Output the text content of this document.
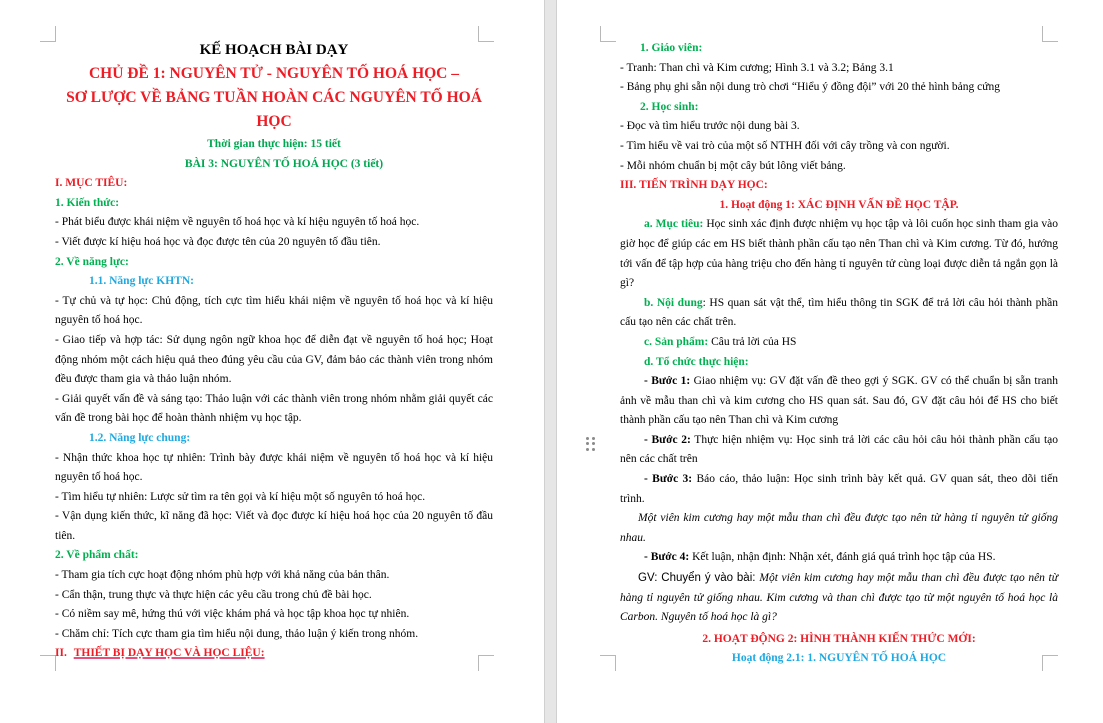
KẾ HOẠCH BÀI DẠY
CHỦ ĐỀ 1: NGUYÊN TỬ - NGUYÊN TỐ HOÁ HỌC –
SƠ LƯỢC VỀ BẢNG TUẦN HOÀN CÁC NGUYÊN TỐ HOÁ HỌC
Thời gian thực hiện: 15 tiết
BÀI 3: NGUYÊN TỐ HOÁ HỌC (3 tiết)
I. MỤC TIÊU:
1. Kiến thức:

- Phát biểu được khái niệm về nguyên tố hoá học và kí hiệu nguyên tố hoá học.

- Viết được kí hiệu hoá học và đọc được tên của 20 nguyên tố đầu tiên.

2. Về năng lực:
1.1. Năng lực KHTN:

- Tự chủ và tự học: Chủ động, tích cực tìm hiểu khái niệm về nguyên tố hoá học và kí hiệu nguyên tố hoá học.

- Giao tiếp và hợp tác: Sử dụng ngôn ngữ khoa học để diễn đạt về nguyên tố hoá học; Hoạt động nhóm một cách hiệu quả theo đúng yêu cầu của GV, đảm bảo các thành viên trong nhóm đều được tham gia và thảo luận nhóm.

- Giải quyết vấn đề và sáng tạo: Thảo luận với các thành viên trong nhóm nhằm giải quyết các vấn đề trong bài học để hoàn thành nhiệm vụ học tập.

1.2. Năng lực chung:

- Nhận thức khoa học tự nhiên: Trình bày được khái niệm về nguyên tố hoá học và kí hiệu nguyên tố hoá học.

- Tìm hiểu tự nhiên: Lược sử tìm ra tên gọi và kí hiệu một số nguyên tó hoá học.

- Vận dụng kiến thức, kĩ năng đã học: Viết và đọc được kí hiệu hoá học của 20 nguyên tố đầu tiên.

2. Về phẩm chất:

- Tham gia tích cực hoạt động nhóm phù hợp với khả năng của bản thân.

- Cẩn thận, trung thực và thực hiện các yêu cầu trong chủ đề bài học.

- Có niềm say mê, hứng thú với việc khám phá và học tập khoa học tự nhiên.

- Chăm chỉ: Tích cực tham gia tìm hiểu nội dung, thảo luận ý kiến trong nhóm.

II. THIẾT BỊ DẠY HỌC VÀ HỌC LIỆU:
1. Giáo viên:

- Tranh: Than chì và Kim cương; Hình 3.1 và 3.2; Bảng 3.1

- Bảng phụ ghi sẵn nội dung trò chơi “Hiểu ý đồng đội” với 20 thẻ hình bảng cứng

2. Học sinh:

- Đọc và tìm hiểu trước nội dung bài 3.

- Tìm hiểu về vai trò của một số NTHH đối với cây trồng và con người.

- Mỗi nhóm chuẩn bị một cây bút lông viết bảng.

III. TIẾN TRÌNH DẠY HỌC:
1. Hoạt động 1: XÁC ĐỊNH VẤN ĐỀ HỌC TẬP.

a. Mục tiêu: Học sinh xác định được nhiệm vụ học tập và lôi cuốn học sinh tham gia vào giờ học để giúp các em HS biết thành phần cấu tạo nên Than chì và Kim cương. Từ đó, hướng tới vấn để tập hợp của hàng triệu cho đến hàng tỉ nguyên tử cùng loại được diễn tả ngắn gọn là gì?

b. Nội dung: HS quan sát vật thể, tìm hiểu thông tin SGK để trả lời câu hỏi thành phần cấu tạo nên các chất trên.

c. Sản phẩm: Câu trả lời của HS

d. Tổ chức thực hiện:

- Bước 1: Giao nhiệm vụ: GV đặt vấn đề theo gợi ý SGK. GV có thể chuẩn bị sẵn tranh ảnh về mẫu than chì và kim cương cho HS quan sát. Sau đó, GV đặt câu hỏi để HS cho biết thành phần cấu tạo nên Than chì và Kim cương

- Bước 2: Thực hiện nhiệm vụ: Học sinh trả lời các câu hỏi câu hỏi thành phần cấu tạo nên các chất trên

- Bước 3: Báo cáo, thảo luận: Học sinh trình bày kết quả. GV quan sát, theo dõi tiến trình.

Một viên kim cương hay một mẫu than chì đều được tạo nên từ hàng tỉ nguyên tử giống nhau.

- Bước 4: Kết luận, nhận định: Nhận xét, đánh giá quá trình học tập của HS.

GV: Chuyển ý vào bài: Một viên kim cương hay một mẫu than chì đều được tạo nên từ hàng tỉ nguyên tử giống nhau. Kim cương và than chì được tạo từ một nguyên tố hoá học là Carbon. Nguyên tố hoá học là gì?

2. HOẠT ĐỘNG 2: HÌNH THÀNH KIẾN THỨC MỚI:
Hoạt động 2.1: 1. NGUYÊN TỐ HOÁ HỌC
